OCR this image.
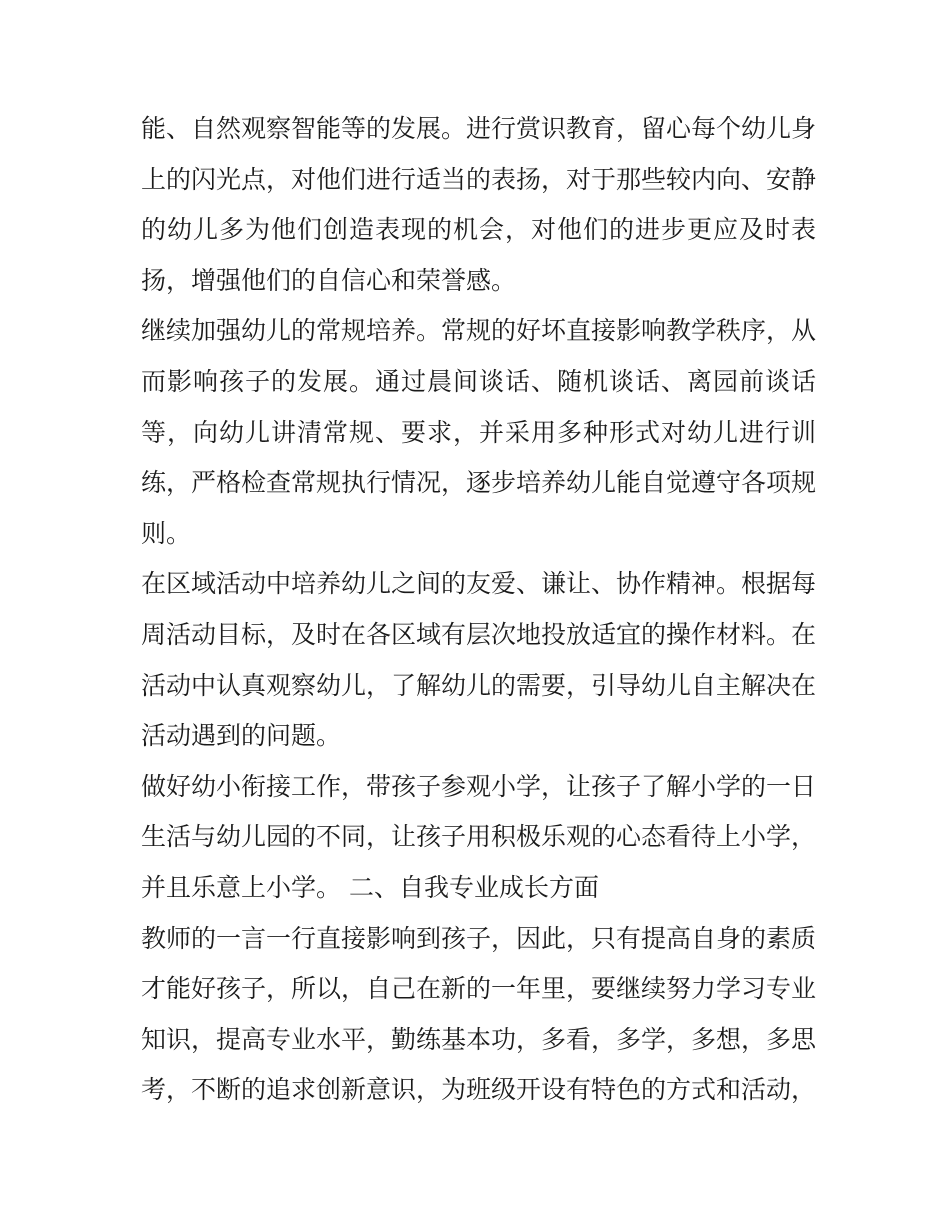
能、自然观察智能等的发展。进行赏识教育，留心每个幼儿身
上的闪光点，对他们进行适当的表扬，对于那些较内向、安静
的幼儿多为他们创造表现的机会，对他们的进步更应及时表
扬，增强他们的自信心和荣誉感。
继续加强幼儿的常规培养。常规的好坏直接影响教学秩序，从
而影响孩子的发展。通过晨间谈话、随机谈话、离园前谈话
等，向幼儿讲清常规、要求，并采用多种形式对幼儿进行训
练，严格检查常规执行情况，逐步培养幼儿能自觉遵守各项规
则。
在区域活动中培养幼儿之间的友爱、谦让、协作精神。根据每
周活动目标，及时在各区域有层次地投放适宜的操作材料。在
活动中认真观察幼儿，了解幼儿的需要，引导幼儿自主解决在
活动遇到的问题。
做好幼小衔接工作，带孩子参观小学，让孩子了解小学的一日
生活与幼儿园的不同，让孩子用积极乐观的心态看待上小学，
并且乐意上小学。 二、自我专业成长方面
教师的一言一行直接影响到孩子，因此，只有提高自身的素质
才能好孩子，所以，自己在新的一年里，要继续努力学习专业
知识，提高专业水平，勤练基本功，多看，多学，多想，多思
考，不断的追求创新意识，为班级开设有特色的方式和活动，
